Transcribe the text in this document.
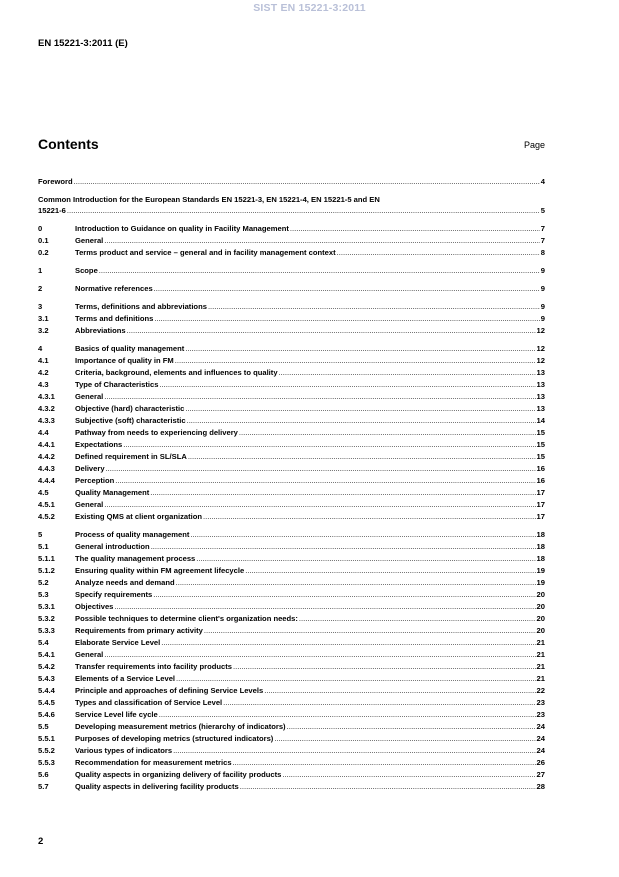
SIST EN 15221-3:2011
EN 15221-3:2011 (E)
Contents	Page
Foreword .....	4
Common Introduction for the European Standards EN 15221-3, EN 15221-4, EN 15221-5 and EN
15221-6 .....	5
0	Introduction to Guidance on quality in Facility Management .....	7
0.1	General .....	7
0.2	Terms product and service – general and in facility management context .....	8
1	Scope .....	9
2	Normative references .....	9
3	Terms, definitions and abbreviations .....	9
3.1	Terms and definitions .....	9
3.2	Abbreviations .....	12
4	Basics of quality management .....	12
4.1	Importance of quality in FM .....	12
4.2	Criteria, background, elements and influences to quality .....	13
4.3	Type of Characteristics .....	13
4.3.1	General .....	13
4.3.2	Objective (hard) characteristic .....	13
4.3.3	Subjective (soft) characteristic .....	14
4.4	Pathway from needs to experiencing delivery .....	15
4.4.1	Expectations .....	15
4.4.2	Defined requirement in SL/SLA .....	15
4.4.3	Delivery .....	16
4.4.4	Perception .....	16
4.5	Quality Management .....	17
4.5.1	General .....	17
4.5.2	Existing QMS at client organization .....	17
5	Process of quality management .....	18
5.1	General introduction .....	18
5.1.1	The quality management process .....	18
5.1.2	Ensuring quality within FM agreement lifecycle .....	19
5.2	Analyze needs and demand .....	19
5.3	Specify requirements .....	20
5.3.1	Objectives .....	20
5.3.2	Possible techniques to determine client's organization needs: .....	20
5.3.3	Requirements from primary activity .....	20
5.4	Elaborate Service Level .....	21
5.4.1	General .....	21
5.4.2	Transfer requirements into facility products .....	21
5.4.3	Elements of a Service Level .....	21
5.4.4	Principle and approaches of defining Service Levels .....	22
5.4.5	Types and classification of Service Level .....	23
5.4.6	Service Level life cycle .....	23
5.5	Developing measurement metrics (hierarchy of indicators) .....	24
5.5.1	Purposes of developing metrics (structured indicators) .....	24
5.5.2	Various types of indicators .....	24
5.5.3	Recommendation for measurement metrics .....	26
5.6	Quality aspects in organizing delivery of facility products .....	27
5.7	Quality aspects in delivering facility products .....	28
2
